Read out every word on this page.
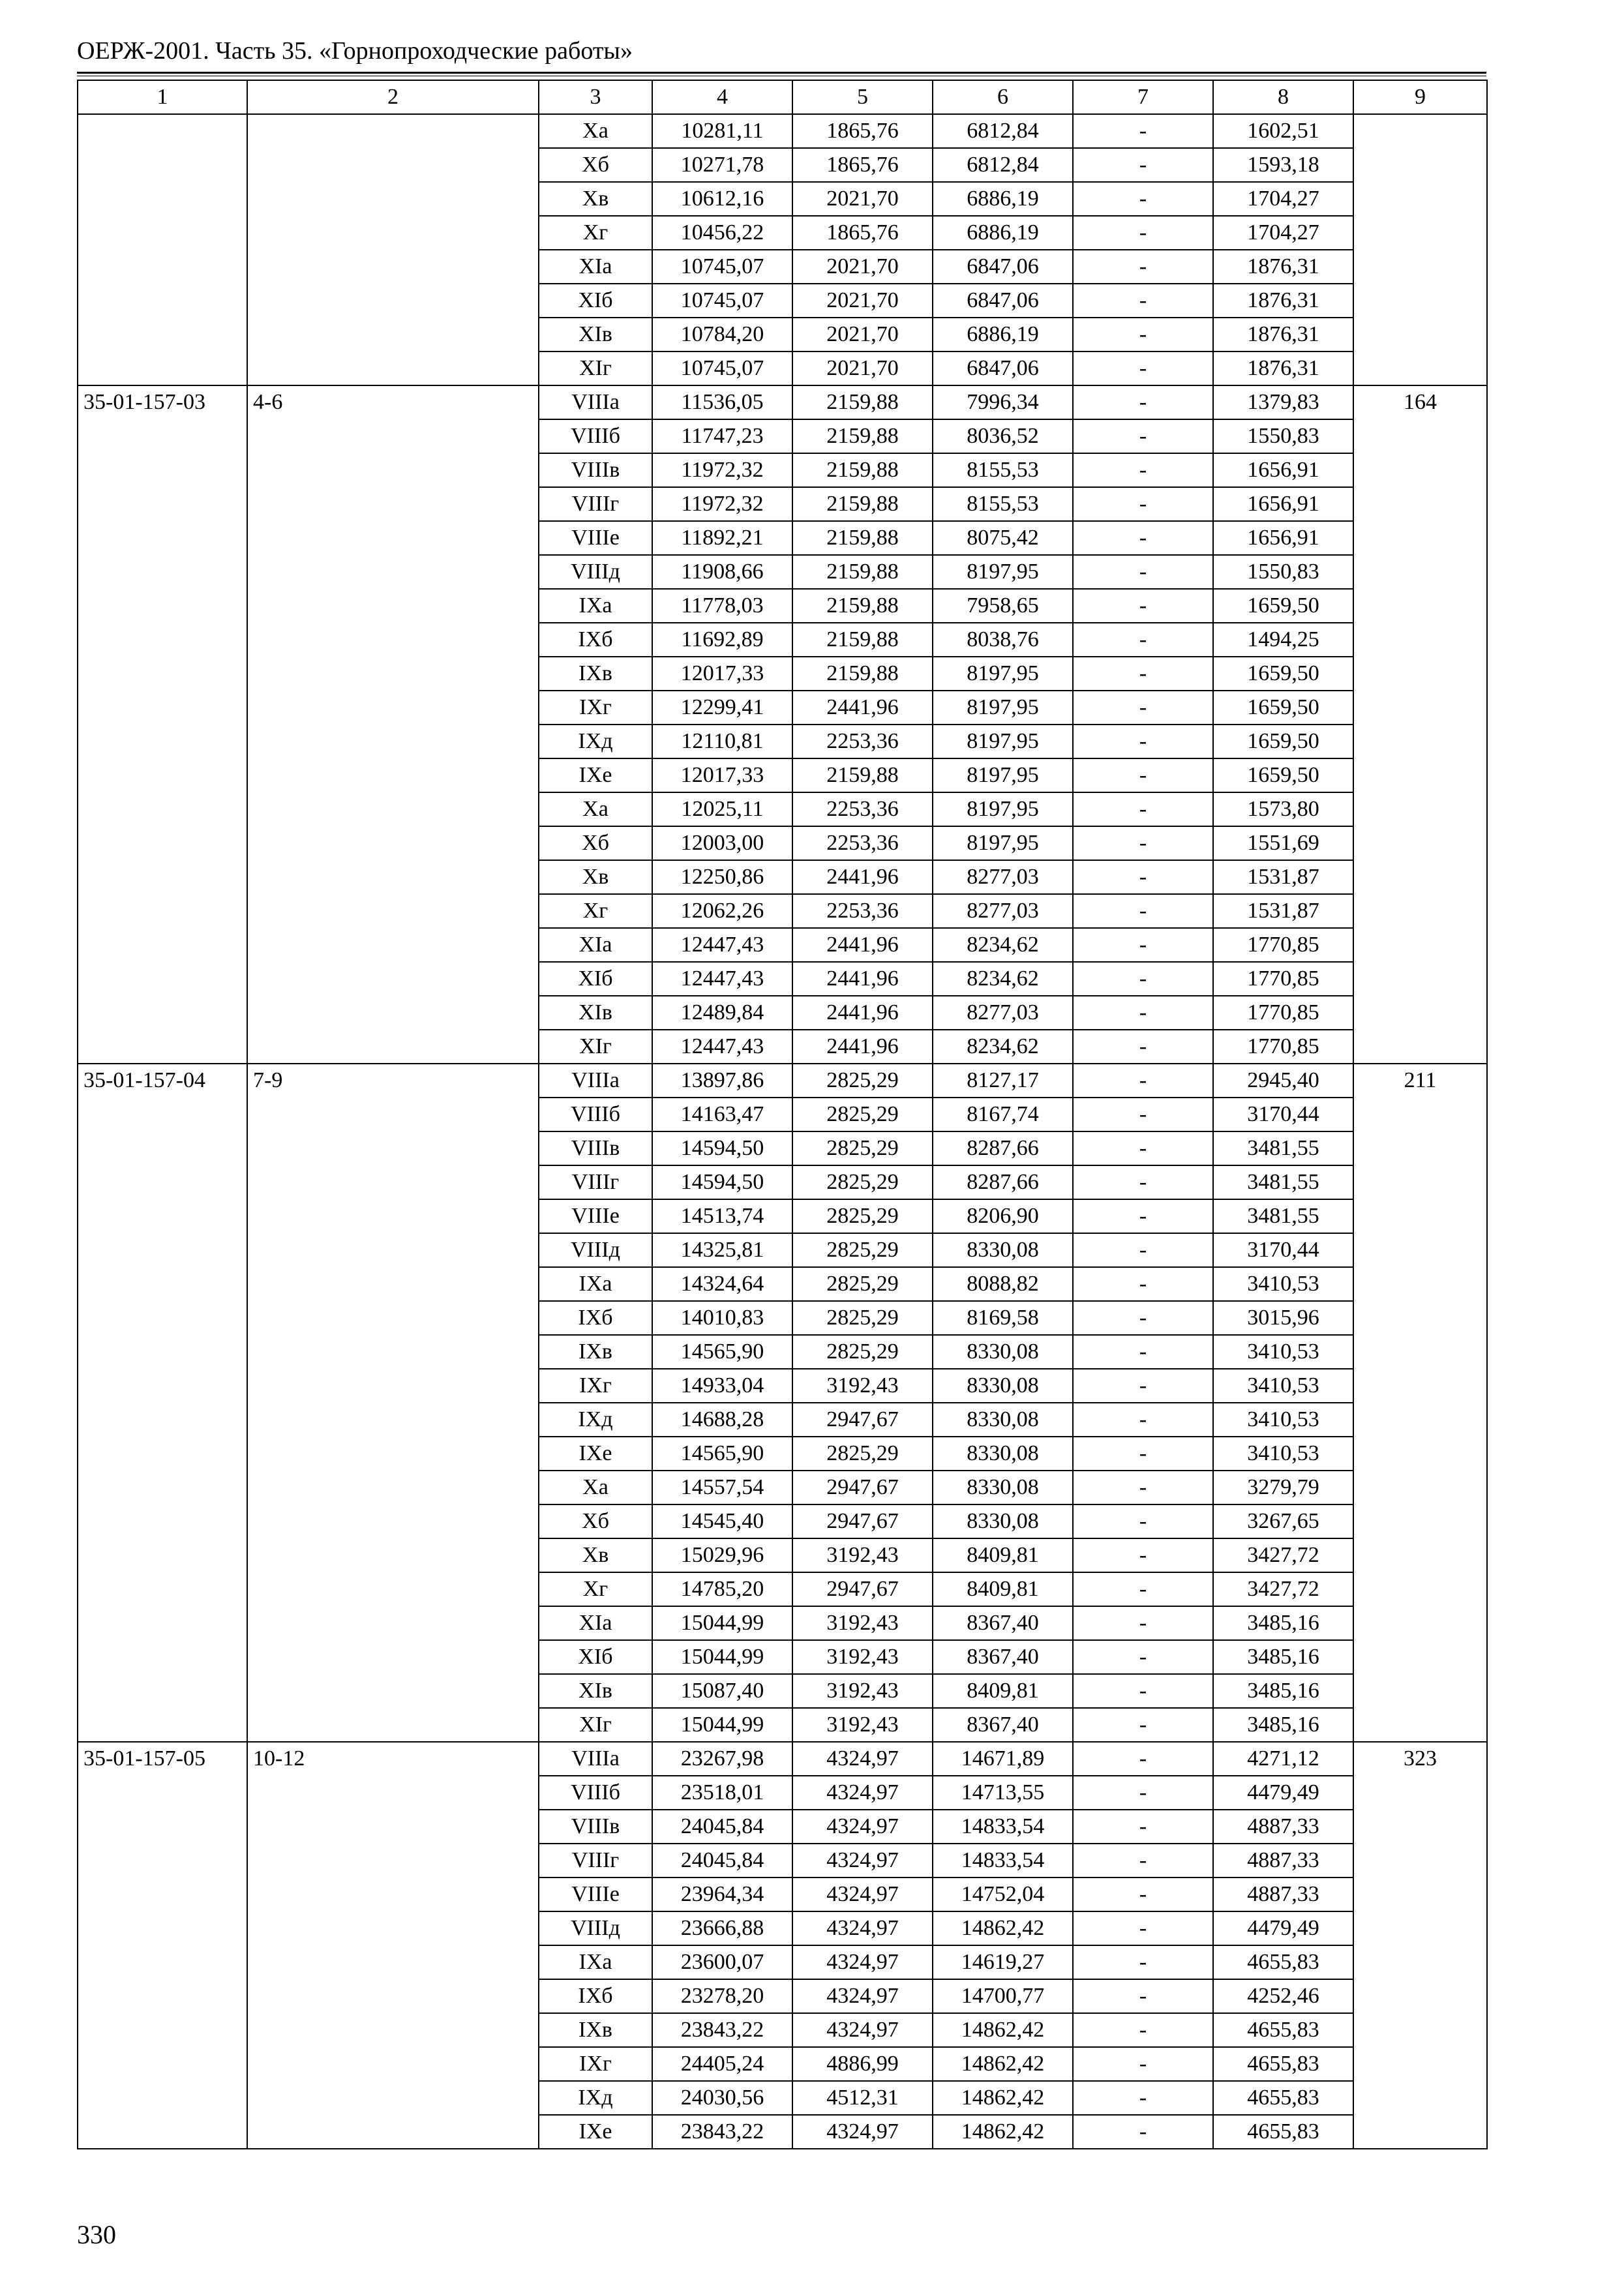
ОЕРЖ-2001. Часть 35. «Горнопроходческие работы»
1	2	3	4	5	6	7	8	9
		Xa	10281,11	1865,76	6812,84	-	1602,51	
		Xб	10271,78	1865,76	6812,84	-	1593,18	
		Xв	10612,16	2021,70	6886,19	-	1704,27	
		Xг	10456,22	1865,76	6886,19	-	1704,27	
		XIa	10745,07	2021,70	6847,06	-	1876,31	
		XIб	10745,07	2021,70	6847,06	-	1876,31	
		XIв	10784,20	2021,70	6886,19	-	1876,31	
		XIг	10745,07	2021,70	6847,06	-	1876,31	
35-01-157-03	4-6	VIIIa	11536,05	2159,88	7996,34	-	1379,83	164
		VIIIб	11747,23	2159,88	8036,52	-	1550,83	
		VIIIв	11972,32	2159,88	8155,53	-	1656,91	
		VIIIг	11972,32	2159,88	8155,53	-	1656,91	
		VIIIe	11892,21	2159,88	8075,42	-	1656,91	
		VIIIд	11908,66	2159,88	8197,95	-	1550,83	
		IXa	11778,03	2159,88	7958,65	-	1659,50	
		IXб	11692,89	2159,88	8038,76	-	1494,25	
		IXв	12017,33	2159,88	8197,95	-	1659,50	
		IXг	12299,41	2441,96	8197,95	-	1659,50	
		IXд	12110,81	2253,36	8197,95	-	1659,50	
		IXe	12017,33	2159,88	8197,95	-	1659,50	
		Xa	12025,11	2253,36	8197,95	-	1573,80	
		Xб	12003,00	2253,36	8197,95	-	1551,69	
		Xв	12250,86	2441,96	8277,03	-	1531,87	
		Xг	12062,26	2253,36	8277,03	-	1531,87	
		XIa	12447,43	2441,96	8234,62	-	1770,85	
		XIб	12447,43	2441,96	8234,62	-	1770,85	
		XIв	12489,84	2441,96	8277,03	-	1770,85	
		XIг	12447,43	2441,96	8234,62	-	1770,85	
35-01-157-04	7-9	VIIIa	13897,86	2825,29	8127,17	-	2945,40	211
		VIIIб	14163,47	2825,29	8167,74	-	3170,44	
		VIIIв	14594,50	2825,29	8287,66	-	3481,55	
		VIIIг	14594,50	2825,29	8287,66	-	3481,55	
		VIIIe	14513,74	2825,29	8206,90	-	3481,55	
		VIIIд	14325,81	2825,29	8330,08	-	3170,44	
		IXa	14324,64	2825,29	8088,82	-	3410,53	
		IXб	14010,83	2825,29	8169,58	-	3015,96	
		IXв	14565,90	2825,29	8330,08	-	3410,53	
		IXг	14933,04	3192,43	8330,08	-	3410,53	
		IXд	14688,28	2947,67	8330,08	-	3410,53	
		IXe	14565,90	2825,29	8330,08	-	3410,53	
		Xa	14557,54	2947,67	8330,08	-	3279,79	
		Xб	14545,40	2947,67	8330,08	-	3267,65	
		Xв	15029,96	3192,43	8409,81	-	3427,72	
		Xг	14785,20	2947,67	8409,81	-	3427,72	
		XIa	15044,99	3192,43	8367,40	-	3485,16	
		XIб	15044,99	3192,43	8367,40	-	3485,16	
		XIв	15087,40	3192,43	8409,81	-	3485,16	
		XIг	15044,99	3192,43	8367,40	-	3485,16	
35-01-157-05	10-12	VIIIa	23267,98	4324,97	14671,89	-	4271,12	323
		VIIIб	23518,01	4324,97	14713,55	-	4479,49	
		VIIIв	24045,84	4324,97	14833,54	-	4887,33	
		VIIIг	24045,84	4324,97	14833,54	-	4887,33	
		VIIIe	23964,34	4324,97	14752,04	-	4887,33	
		VIIIд	23666,88	4324,97	14862,42	-	4479,49	
		IXa	23600,07	4324,97	14619,27	-	4655,83	
		IXб	23278,20	4324,97	14700,77	-	4252,46	
		IXв	23843,22	4324,97	14862,42	-	4655,83	
		IXг	24405,24	4886,99	14862,42	-	4655,83	
		IXд	24030,56	4512,31	14862,42	-	4655,83	
		IXe	23843,22	4324,97	14862,42	-	4655,83	
330
